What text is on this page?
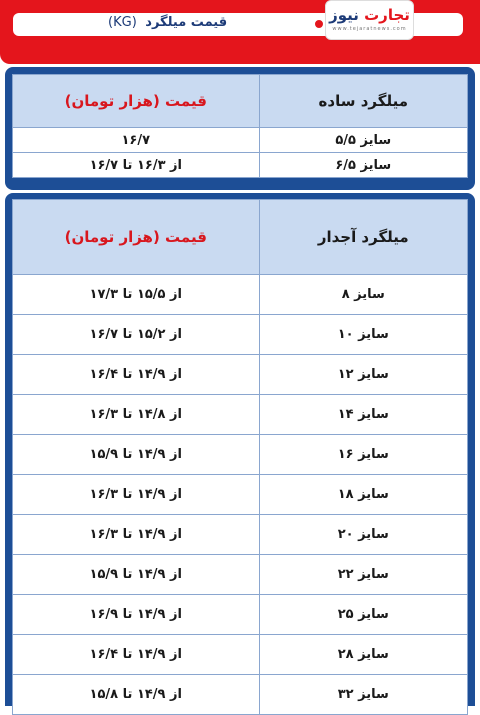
قیمت میلگرد (KG)	تجارت نیوز
www.tejaratnews.com
میلگرد ساده	قیمت (هزار تومان)
سایز ۵/۵	۱۶/۷
سایز ۶/۵	از ۱۶/۳ تا ۱۶/۷
میلگرد آجدار	قیمت (هزار تومان)
سایز ۸	از ۱۵/۵ تا ۱۷/۳
سایز ۱۰	از ۱۵/۲ تا ۱۶/۷
سایز ۱۲	از ۱۴/۹ تا ۱۶/۴
سایز ۱۴	از ۱۴/۸ تا ۱۶/۳
سایز ۱۶	از ۱۴/۹ تا ۱۵/۹
سایز ۱۸	از ۱۴/۹ تا ۱۶/۳
سایز ۲۰	از ۱۴/۹ تا ۱۶/۳
سایز ۲۲	از ۱۴/۹ تا ۱۵/۹
سایز ۲۵	از ۱۴/۹ تا ۱۶/۹
سایز ۲۸	از ۱۴/۹ تا ۱۶/۴
سایز ۳۲	از ۱۴/۹ تا ۱۵/۸
